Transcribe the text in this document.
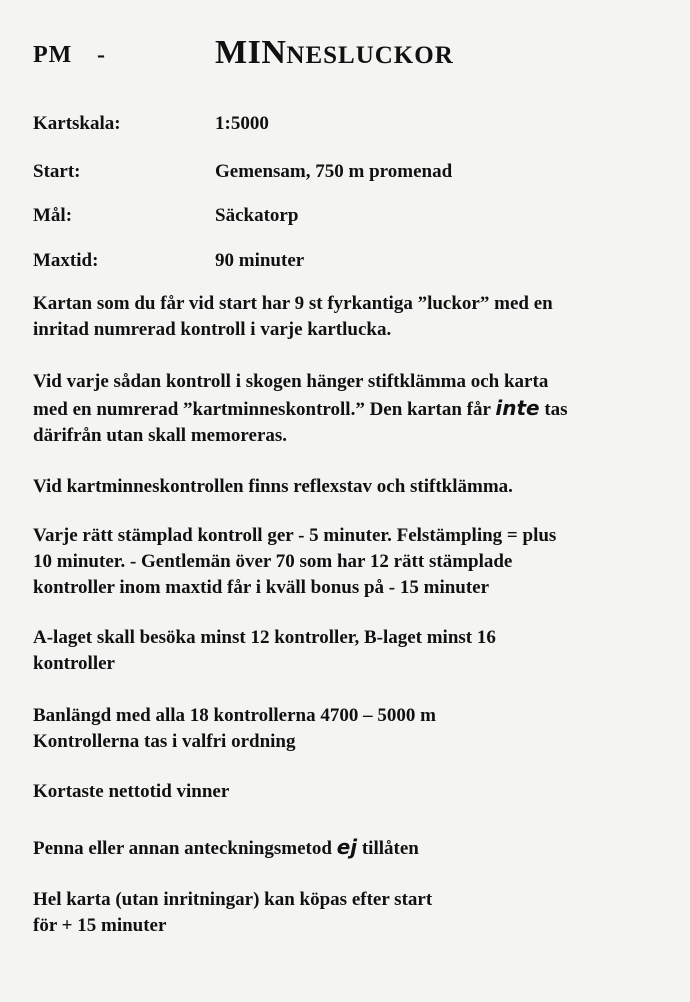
PM -	MINNESLUCKOR
Kartskala:	1:5000
Start:	Gemensam, 750 m promenad
Mål:	Säckatorp
Maxtid:	90 minuter
Kartan som du får vid start har 9 st fyrkantiga ”luckor” med en
inritad numrerad kontroll i varje kartlucka.
Vid varje sådan kontroll i skogen hänger stiftklämma och karta
med en numrerad ”kartminneskontroll.” Den kartan får inte tas
därifrån utan skall memoreras.
Vid kartminneskontrollen finns reflexstav och stiftklämma.
Varje rätt stämplad kontroll ger - 5 minuter. Felstämpling = plus
10 minuter. - Gentlemän över 70 som har 12 rätt stämplade
kontroller inom maxtid får i kväll bonus på - 15 minuter
A-laget skall besöka minst 12 kontroller, B-laget minst 16
kontroller
Banlängd med alla 18 kontrollerna 4700 – 5000 m
Kontrollerna tas i valfri ordning
Kortaste nettotid vinner
Penna eller annan anteckningsmetod ej tillåten
Hel karta (utan inritningar) kan köpas efter start
för + 15 minuter
